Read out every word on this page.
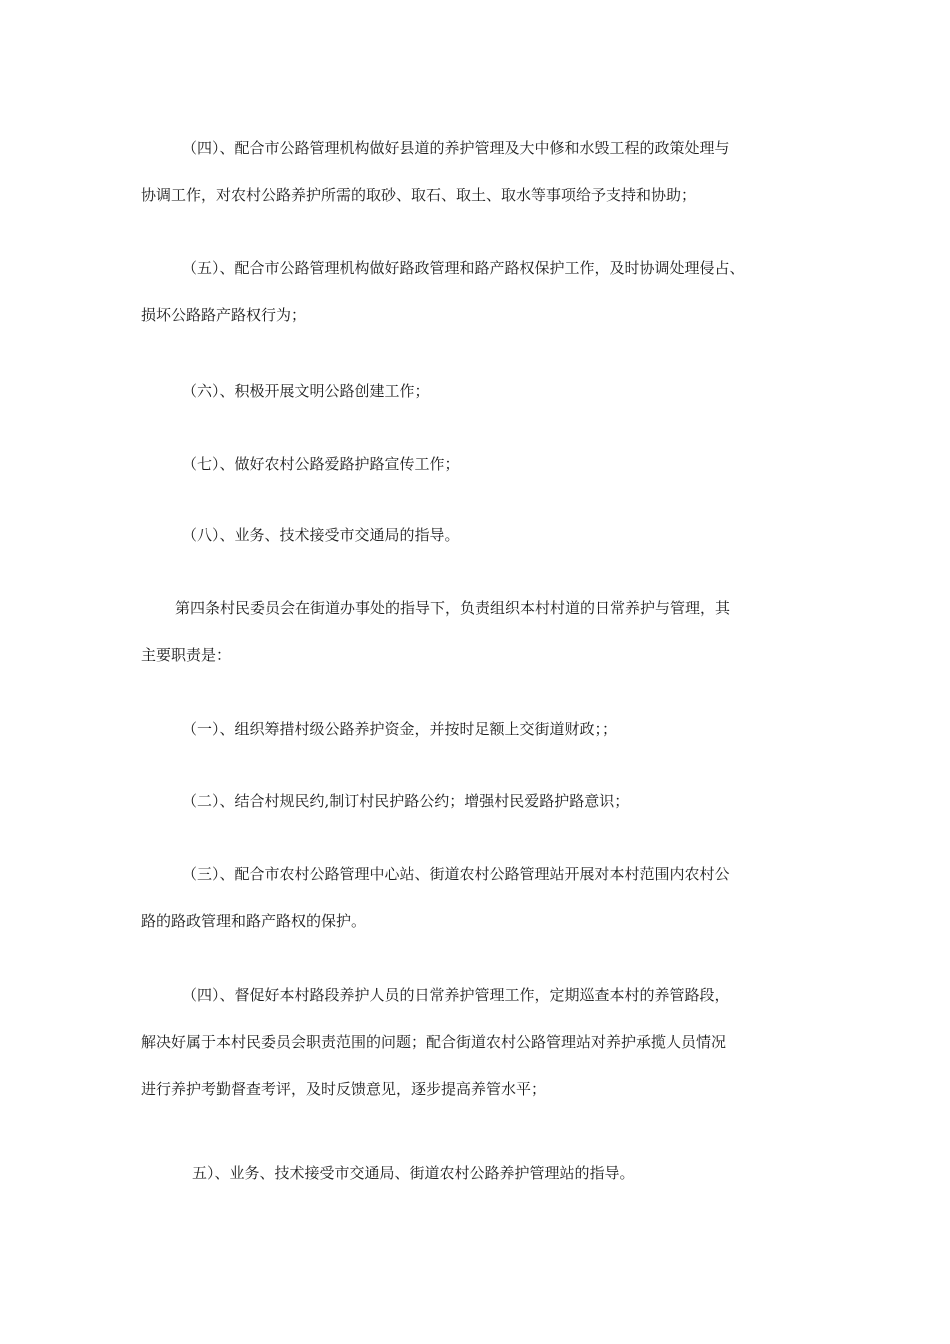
（四）、配合市公路管理机构做好县道的养护管理及大中修和水毁工程的政策处理与
协调工作，对农村公路养护所需的取砂、取石、取土、取水等事项给予支持和协助；

（五）、配合市公路管理机构做好路政管理和路产路权保护工作，及时协调处理侵占、
损坏公路路产路权行为；

（六）、积极开展文明公路创建工作；

（七）、做好农村公路爱路护路宣传工作；

（八）、业务、技术接受市交通局的指导。

第四条村民委员会在街道办事处的指导下，负责组织本村村道的日常养护与管理，其
主要职责是：

（一）、组织筹措村级公路养护资金，并按时足额上交街道财政；；

（二）、结合村规民约,制订村民护路公约；增强村民爱路护路意识；

（三）、配合市农村公路管理中心站、街道农村公路管理站开展对本村范围内农村公
路的路政管理和路产路权的保护。

（四）、督促好本村路段养护人员的日常养护管理工作，定期巡查本村的养管路段，
解决好属于本村民委员会职责范围的问题；配合街道农村公路管理站对养护承揽人员情况
进行养护考勤督查考评，及时反馈意见，逐步提高养管水平；

五）、业务、技术接受市交通局、街道农村公路养护管理站的指导。
